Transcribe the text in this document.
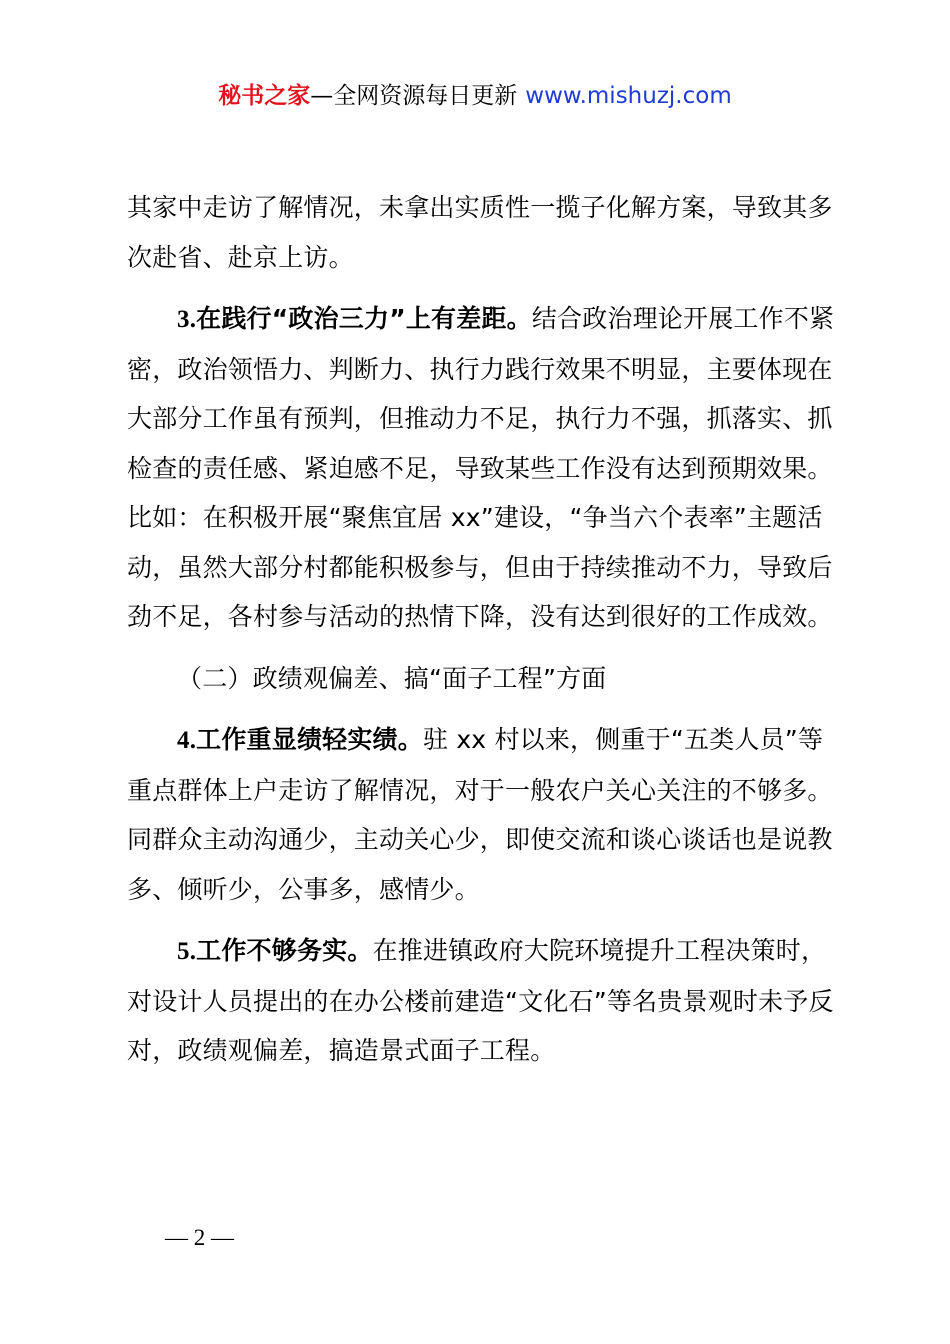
秘书之家—全网资源每日更新 www.mishuzj.com

其家中走访了解情况，未拿出实质性一揽子化解方案，导致其多次赴省、赴京上访。

3.在践行“政治三力”上有差距。结合政治理论开展工作不紧密，政治领悟力、判断力、执行力践行效果不明显，主要体现在大部分工作虽有预判，但推动力不足，执行力不强，抓落实、抓检查的责任感、紧迫感不足，导致某些工作没有达到预期效果。比如：在积极开展“聚焦宜居 xx”建设，“争当六个表率”主题活动，虽然大部分村都能积极参与，但由于持续推动不力，导致后劲不足，各村参与活动的热情下降，没有达到很好的工作成效。

（二）政绩观偏差、搞“面子工程”方面

4.工作重显绩轻实绩。驻 xx 村以来，侧重于“五类人员”等重点群体上户走访了解情况，对于一般农户关心关注的不够多。同群众主动沟通少，主动关心少，即使交流和谈心谈话也是说教多、倾听少，公事多，感情少。

5.工作不够务实。在推进镇政府大院环境提升工程决策时，对设计人员提出的在办公楼前建造“文化石”等名贵景观时未予反对，政绩观偏差，搞造景式面子工程。

— 2 —
